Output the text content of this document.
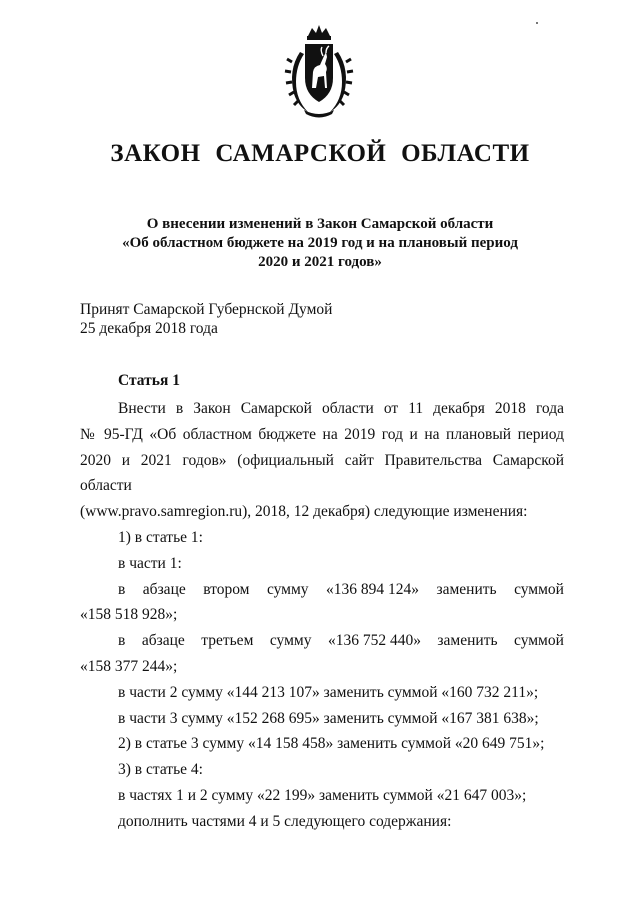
ЗАКОН САМАРСКОЙ ОБЛАСТИ
О внесении изменений в Закон Самарской области
«Об областном бюджете на 2019 год и на плановый период
2020 и 2021 годов»
Принят Самарской Губернской Думой
25 декабря 2018 года
Статья 1
Внести в Закон Самарской области от 11 декабря 2018 года
№ 95-ГД «Об областном бюджете на 2019 год и на плановый период
2020 и 2021 годов» (официальный сайт Правительства Самарской области
(www.pravo.samregion.ru), 2018, 12 декабря) следующие изменения:
1) в статье 1:
в части 1:
в абзаце втором сумму «136 894 124» заменить суммой
«158 518 928»;
в абзаце третьем сумму «136 752 440» заменить суммой
«158 377 244»;
в части 2 сумму «144 213 107» заменить суммой «160 732 211»;
в части 3 сумму «152 268 695» заменить суммой «167 381 638»;
2) в статье 3 сумму «14 158 458» заменить суммой «20 649 751»;
3) в статье 4:
в частях 1 и 2 сумму «22 199» заменить суммой «21 647 003»;
дополнить частями 4 и 5 следующего содержания:
